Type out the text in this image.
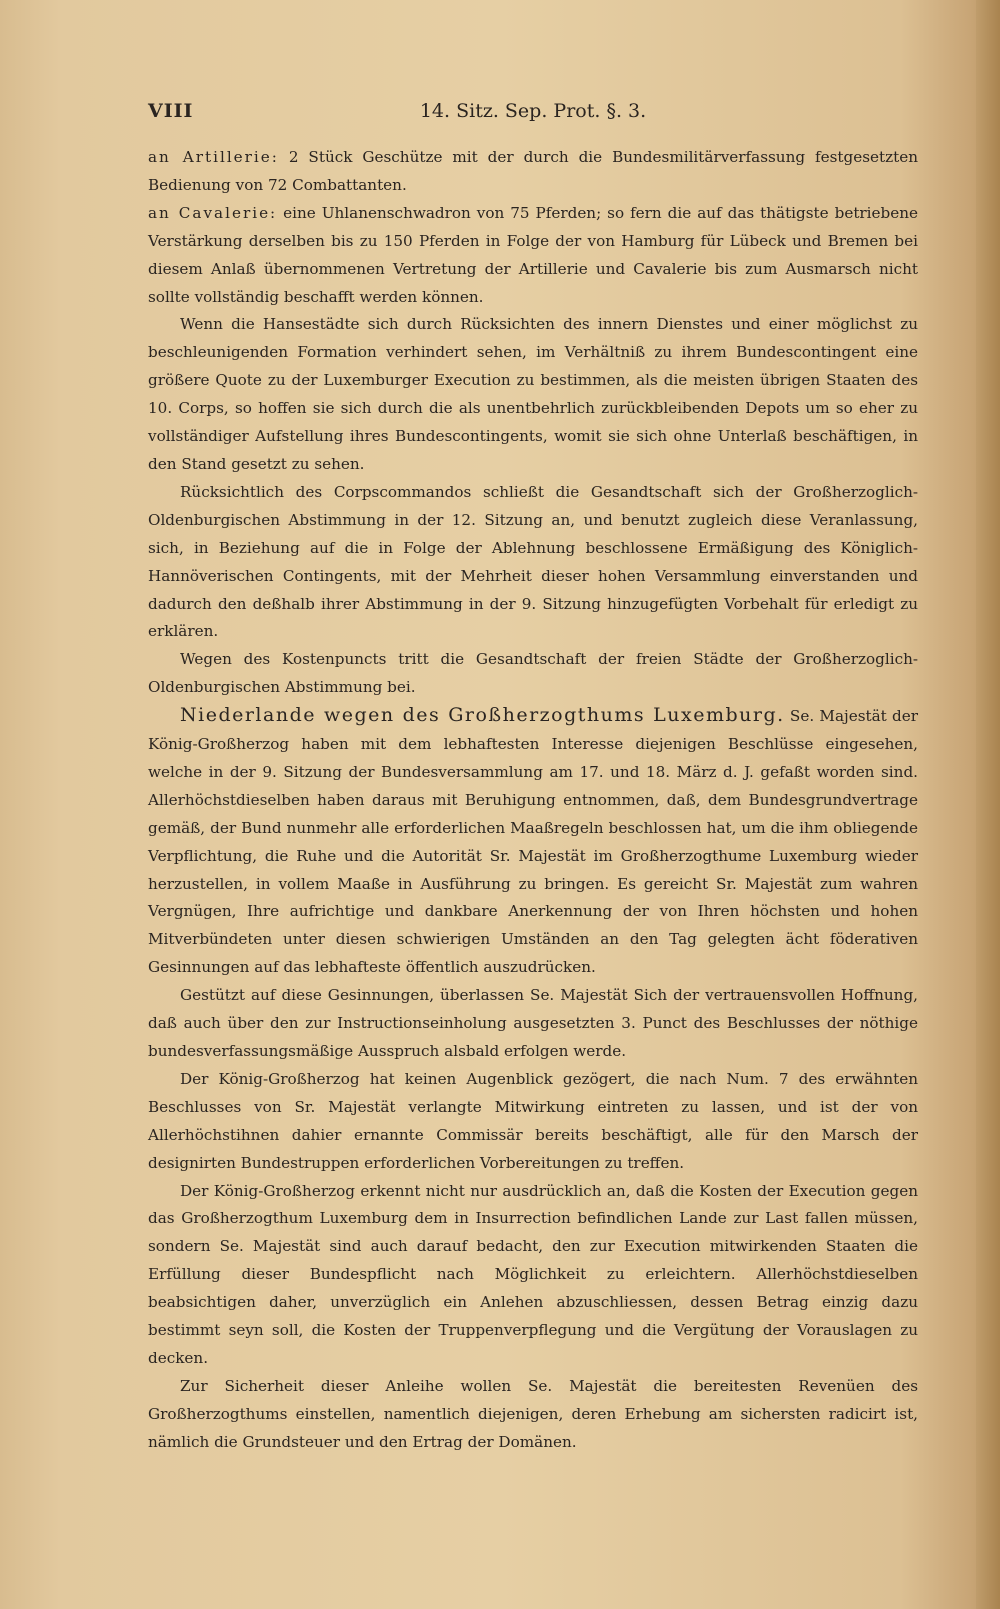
VIII	14. Sitz. Sep. Prot. §. 3.

an Artillerie: 2 Stück Geschütze mit der durch die Bundesmilitärverfassung festgesetzten Bedienung von 72 Combattanten.

an Cavalerie: eine Uhlanenschwadron von 75 Pferden; so fern die auf das thätigste betriebene Verstärkung derselben bis zu 150 Pferden in Folge der von Hamburg für Lübeck und Bremen bei diesem Anlaß übernommenen Vertretung der Artillerie und Cavalerie bis zum Ausmarsch nicht sollte vollständig beschafft werden können.

Wenn die Hansestädte sich durch Rücksichten des innern Dienstes und einer möglichst zu beschleunigenden Formation verhindert sehen, im Verhältniß zu ihrem Bundescontingent eine größere Quote zu der Luxemburger Execution zu bestimmen, als die meisten übrigen Staaten des 10. Corps, so hoffen sie sich durch die als unentbehrlich zurückbleibenden Depots um so eher zu vollständiger Aufstellung ihres Bundescontingents, womit sie sich ohne Unterlaß beschäftigen, in den Stand gesetzt zu sehen.

Rücksichtlich des Corpscommandos schließt die Gesandtschaft sich der Großherzoglich-Oldenburgischen Abstimmung in der 12. Sitzung an, und benutzt zugleich diese Veranlassung, sich, in Beziehung auf die in Folge der Ablehnung beschlossene Ermäßigung des Königlich-Hannöverischen Contingents, mit der Mehrheit dieser hohen Versammlung einverstanden und dadurch den deßhalb ihrer Abstimmung in der 9. Sitzung hinzugefügten Vorbehalt für erledigt zu erklären.

Wegen des Kostenpuncts tritt die Gesandtschaft der freien Städte der Großherzoglich-Oldenburgischen Abstimmung bei.

Niederlande wegen des Großherzogthums Luxemburg. Se. Majestät der König-Großherzog haben mit dem lebhaftesten Interesse diejenigen Beschlüsse eingesehen, welche in der 9. Sitzung der Bundesversammlung am 17. und 18. März d. J. gefaßt worden sind. Allerhöchstdieselben haben daraus mit Beruhigung entnommen, daß, dem Bundesgrundvertrage gemäß, der Bund nunmehr alle erforderlichen Maaßregeln beschlossen hat, um die ihm obliegende Verpflichtung, die Ruhe und die Autorität Sr. Majestät im Großherzogthume Luxemburg wieder herzustellen, in vollem Maaße in Ausführung zu bringen. Es gereicht Sr. Majestät zum wahren Vergnügen, Ihre aufrichtige und dankbare Anerkennung der von Ihren höchsten und hohen Mitverbündeten unter diesen schwierigen Umständen an den Tag gelegten ächt föderativen Gesinnungen auf das lebhafteste öffentlich auszudrücken.

Gestützt auf diese Gesinnungen, überlassen Se. Majestät Sich der vertrauensvollen Hoffnung, daß auch über den zur Instructionseinholung ausgesetzten 3. Punct des Beschlusses der nöthige bundesverfassungsmäßige Ausspruch alsbald erfolgen werde.

Der König-Großherzog hat keinen Augenblick gezögert, die nach Num. 7 des erwähnten Beschlusses von Sr. Majestät verlangte Mitwirkung eintreten zu lassen, und ist der von Allerhöchstihnen dahier ernannte Commissär bereits beschäftigt, alle für den Marsch der designirten Bundestruppen erforderlichen Vorbereitungen zu treffen.

Der König-Großherzog erkennt nicht nur ausdrücklich an, daß die Kosten der Execution gegen das Großherzogthum Luxemburg dem in Insurrection befindlichen Lande zur Last fallen müssen, sondern Se. Majestät sind auch darauf bedacht, den zur Execution mitwirkenden Staaten die Erfüllung dieser Bundespflicht nach Möglichkeit zu erleichtern. Allerhöchstdieselben beabsichtigen daher, unverzüglich ein Anlehen abzuschliessen, dessen Betrag einzig dazu bestimmt seyn soll, die Kosten der Truppenverpflegung und die Vergütung der Vorauslagen zu decken.

Zur Sicherheit dieser Anleihe wollen Se. Majestät die bereitesten Revenüen des Großherzogthums einstellen, namentlich diejenigen, deren Erhebung am sichersten radicirt ist, nämlich die Grundsteuer und den Ertrag der Domänen.
